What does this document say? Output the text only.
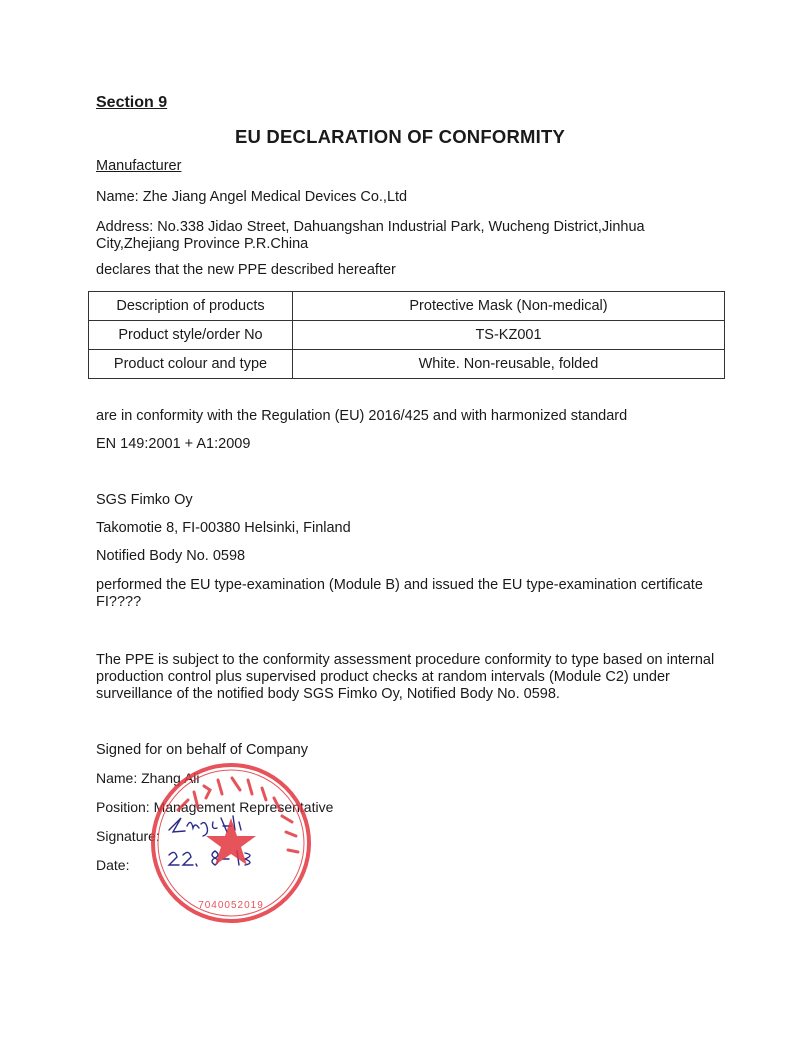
Section 9
EU DECLARATION OF CONFORMITY
Manufacturer
Name: Zhe Jiang Angel Medical Devices Co.,Ltd
Address: No.338 Jidao Street, Dahuangshan Industrial Park, Wucheng District,Jinhua City,Zhejiang Province P.R.China
declares that the new PPE described hereafter
Description of products	Protective Mask (Non-medical)
Product style/order No	TS-KZ001
Product colour and type	White. Non-reusable, folded
are in conformity with the Regulation (EU) 2016/425 and with harmonized standard
EN 149:2001 + A1:2009
SGS Fimko Oy
Takomotie 8, FI-00380 Helsinki, Finland
Notified Body No. 0598
performed the EU type-examination (Module B) and issued the EU type-examination certificate FI????
The PPE is subject to the conformity assessment procedure conformity to type based on internal production control plus supervised product checks at random intervals (Module C2) under surveillance of the notified body SGS Fimko Oy, Notified Body No. 0598.
Signed for on behalf of Company
Name: Zhang Ali
Position: Management Representative
Signature:
Date:
7040052019
